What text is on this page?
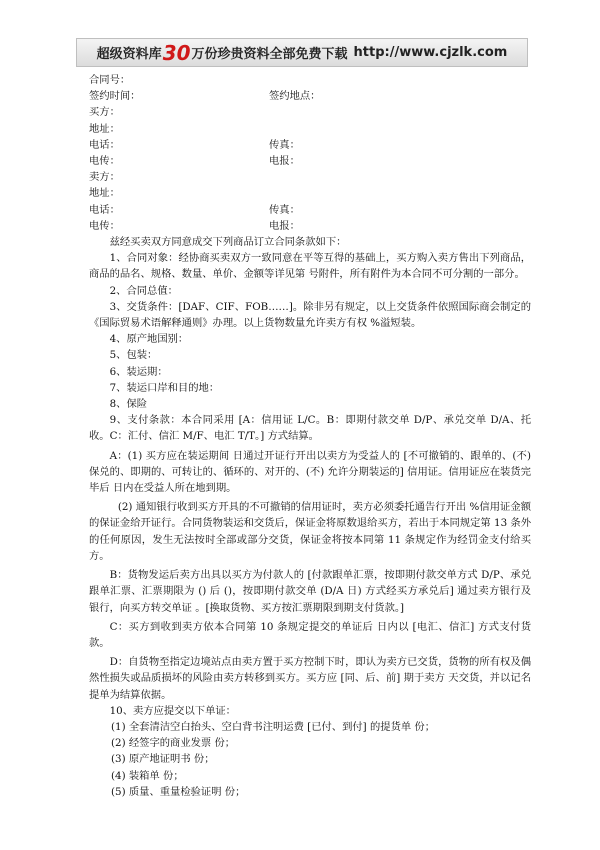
超级资料库 30 万份珍贵资料全部免费下载 http://www.cjzlk.com
合同号：
签约时间：	签约地点：
买方：
地址：
电话：	传真：
电传：	电报：
卖方：
地址：
电话：	传真：
电传：	电报：

兹经买卖双方同意成交下列商品订立合同条款如下：

1、合同对象：经协商买卖双方一致同意在平等互得的基础上，买方购入卖方售出下列商品，商品的品名、规格、数量、单价、金额等详见第 号附件，所有附件为本合同不可分割的一部分。

2、合同总值：

3、交货条件：[DAF、CIF、FOB……]。除非另有规定，以上交货条件依照国际商会制定的《国际贸易术语解释通则》办理。以上货物数量允许卖方有权 %溢短装。

4、原产地国别：

5、包装：

6、装运期：

7、装运口岸和目的地：

8、保险

9、支付条款：本合同采用 [A：信用证 L/C。B：即期付款交单 D/P、承兑交单 D/A、托收。C：汇付、信汇 M/F、电汇 T/T。] 方式结算。

A：(1) 买方应在装运期间 日通过开证行开出以卖方为受益人的 [不可撤销的、跟单的、(不) 保兑的、即期的、可转让的、循环的、对开的、(不) 允许分期装运的] 信用证。信用证应在装货完毕后 日内在受益人所在地到期。

(2) 通知银行收到买方开具的不可撤销的信用证时，卖方必须委托通告行开出 %信用证金额的保证金给开证行。合同货物装运和交货后，保证金将原数退给买方，若出于本同规定第 13 条外的任何原因，发生无法按时全部或部分交货，保证金将按本同第 11 条规定作为经罚金支付给买方。

B：货物发运后卖方出具以买方为付款人的 [付款跟单汇票，按即期付款交单方式 D/P、承兑跟单汇票、汇票期限为 () 后 ()，按即期付款交单 (D/A 日) 方式经买方承兑后] 通过卖方银行及 银行，向买方转交单证 。[换取货物、买方按汇票期限到期支付货款。]

C：买方到收到卖方依本合同第 10 条规定提交的单证后 日内以 [电汇、信汇] 方式支付货款。

D：自货物至指定边境站点由卖方置于买方控制下时，即认为卖方已交货，货物的所有权及偶然性损失或品质损坏的风险由卖方转移到买方。买方应 [同、后、前] 期于卖方 天交货，并以记名提单为结算依据。

10、卖方应提交以下单证：

(1) 全套清洁空白抬头、空白背书注明运费 [已付、到付] 的提货单 份；

(2) 经签字的商业发票 份；

(3) 原产地证明书 份；

(4) 装箱单 份；

(5) 质量、重量检验证明 份；
